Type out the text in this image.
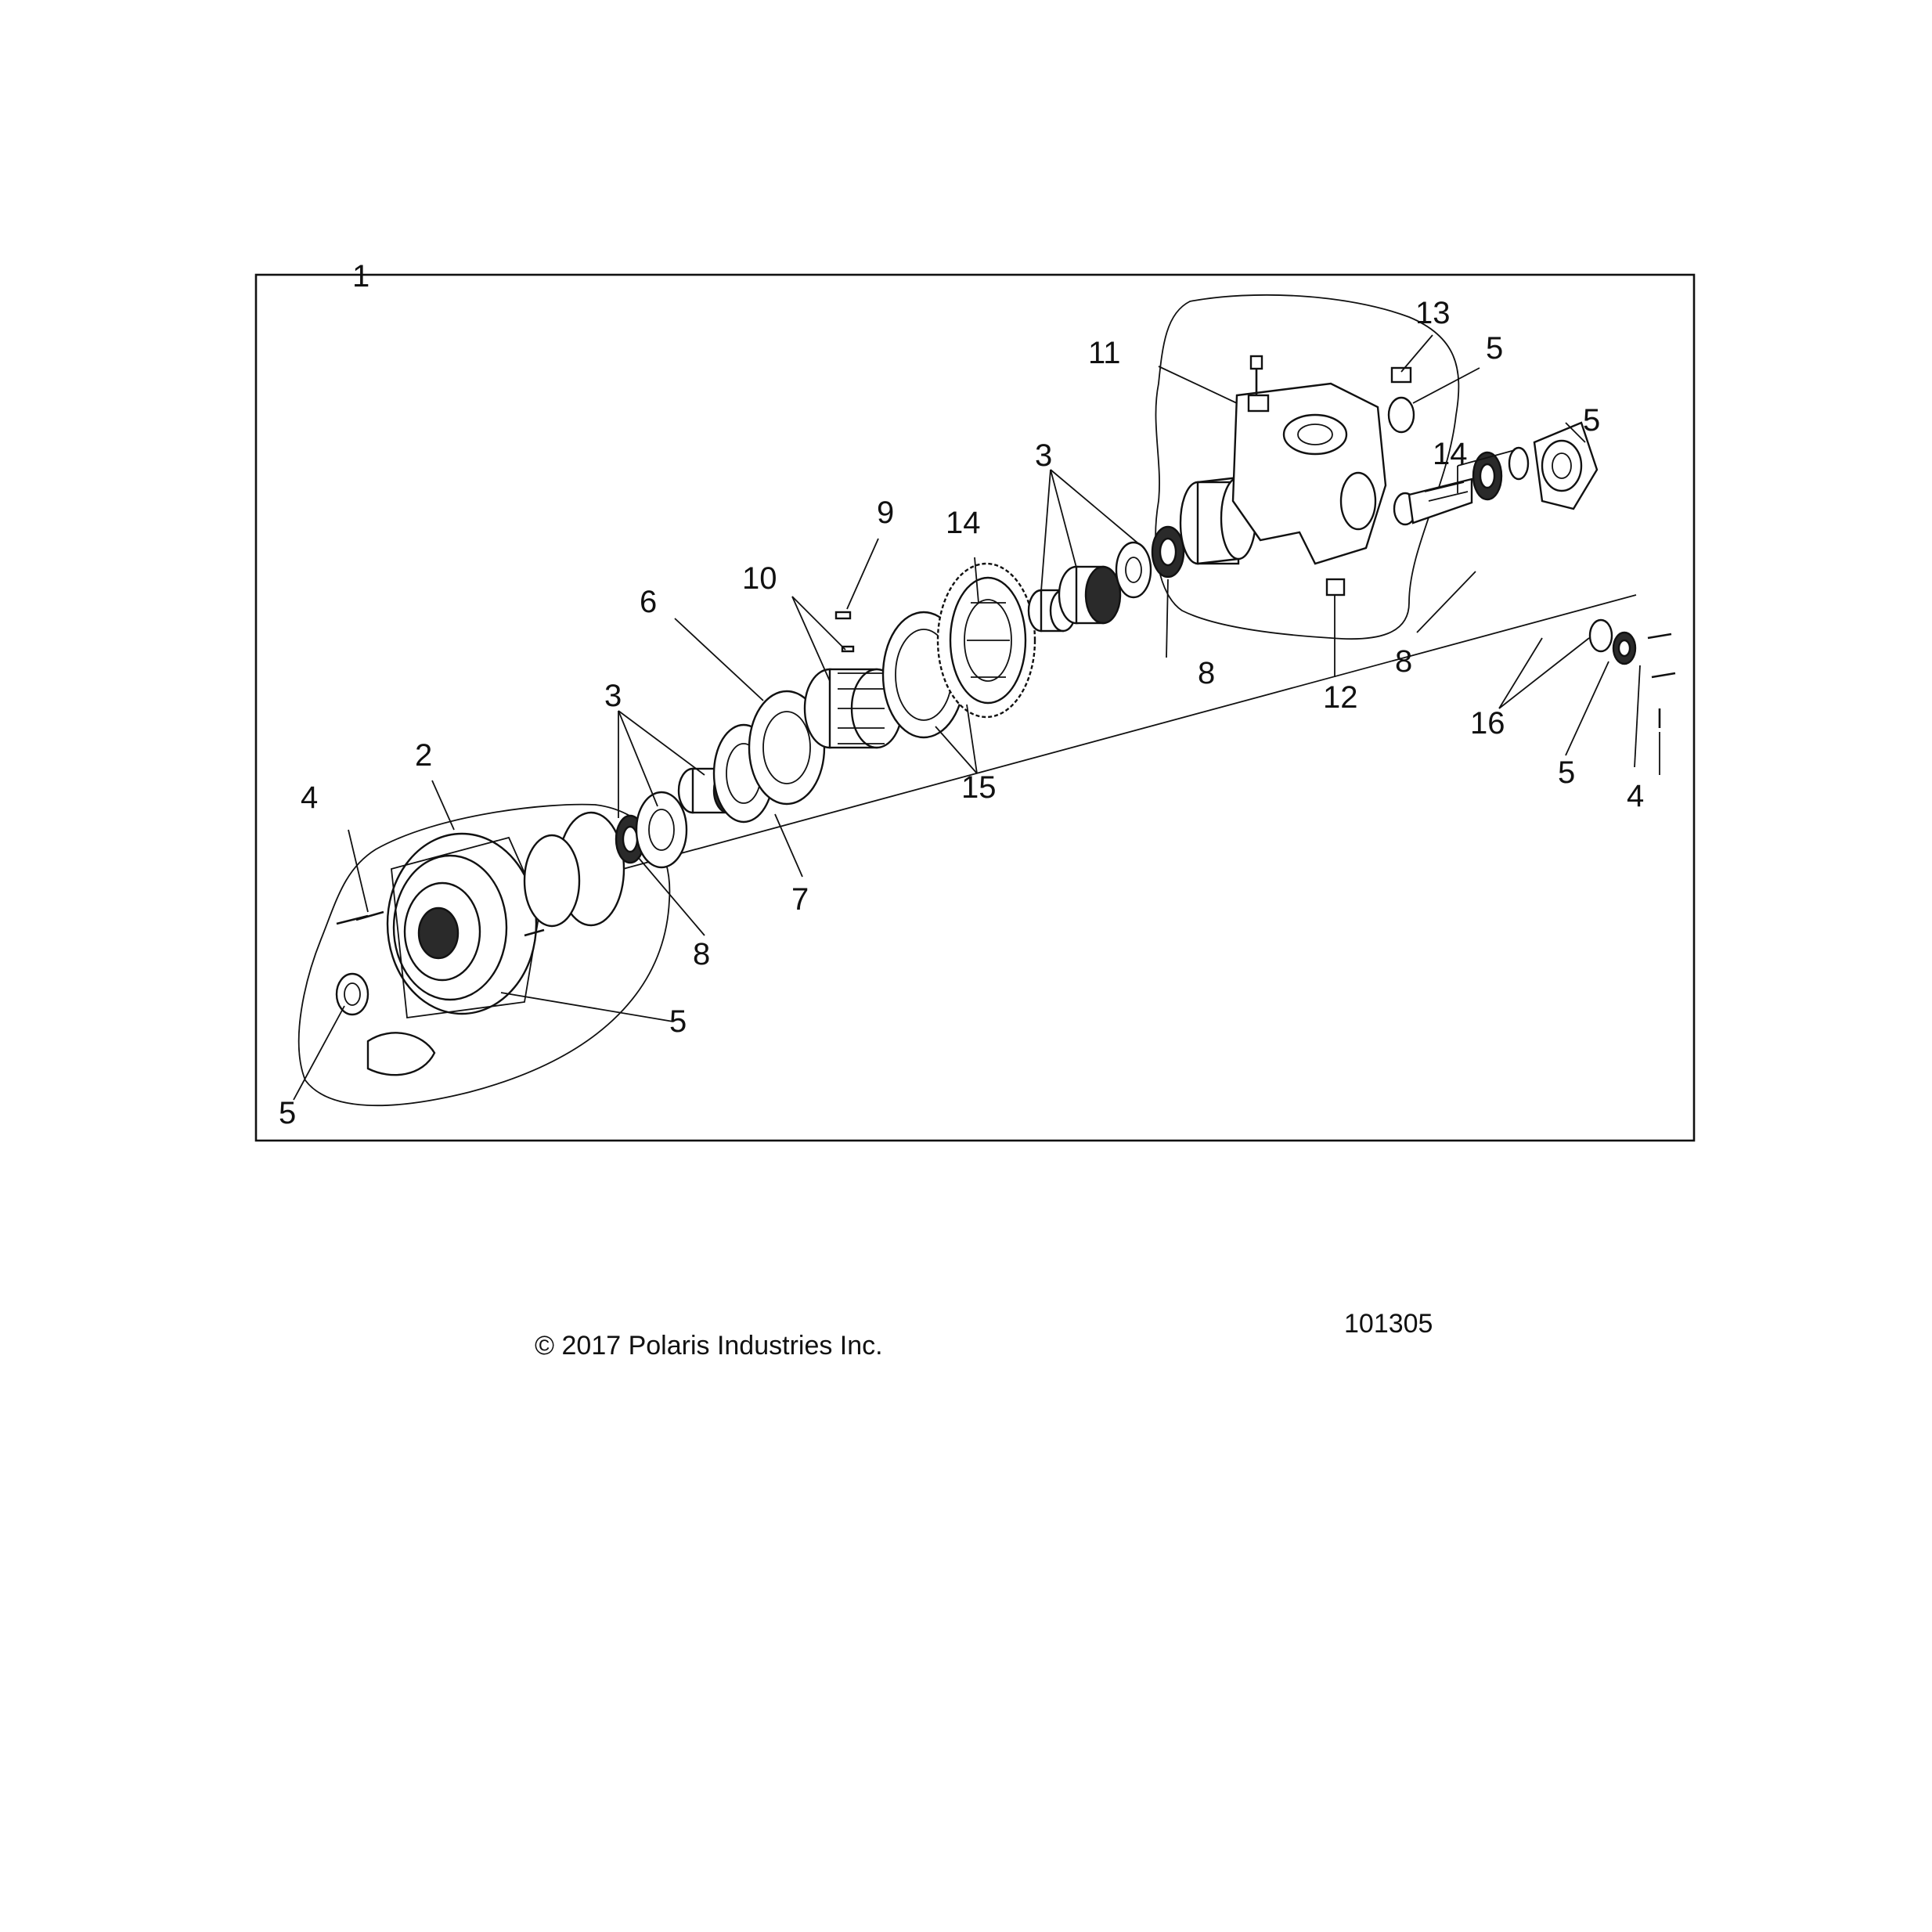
1
2
3
3
4	4
5
5
5
5
5
6
7
8
8	8
9
10
11
12
13
14
14
15
16
© 2017 Polaris Industries Inc.
101305
